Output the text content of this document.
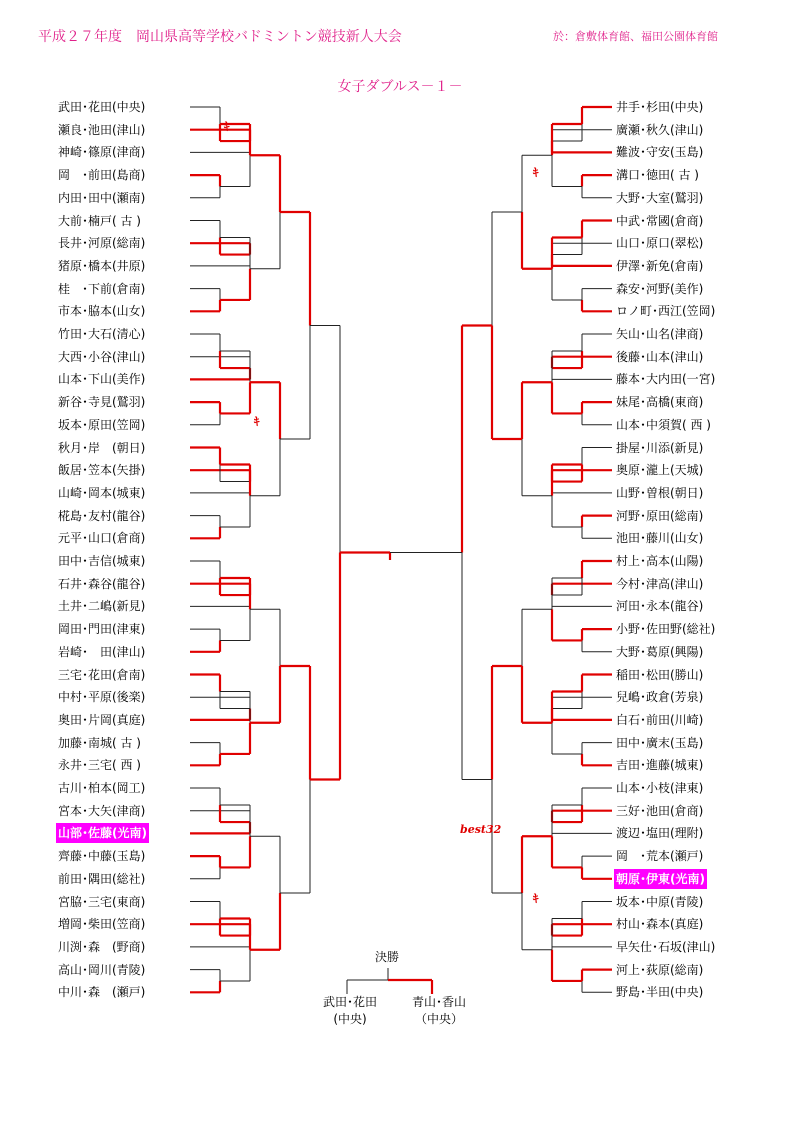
平成２７年度　岡山県高等学校バドミントン競技新人大会	於：倉敷体育館、福田公園体育館
女子ダブルス－１－
武田･花田(中央)
瀬良･池田(津山)
神崎･篠原(津商)
岡　･前田(島商)
内田･田中(瀬南)
大前･楠戸( 古 )
長井･河原(総南)
猪原･橋本(井原)
桂　･下前(倉南)
市本･脇本(山女)
竹田･大石(清心)
大西･小谷(津山)
山本･下山(美作)
新谷･寺見(鷲羽)
坂本･原田(笠岡)
秋月･岸　(朝日)
飯居･笠本(矢掛)
山崎･岡本(城東)
椛島･友村(龍谷)
元平･山口(倉商)
田中･吉信(城東)
石井･森谷(龍谷)
土井･二嶋(新見)
岡田･門田(津東)
岩崎･　田(津山)
三宅･花田(倉南)
中村･平原(後楽)
奥田･片岡(真庭)
加藤･南城( 古 )
永井･三宅( 西 )
古川･柏本(岡工)
宮本･大矢(津商)
山部･佐藤(光南)
齊藤･中藤(玉島)
前田･隅田(総社)
宮脇･三宅(東商)
増岡･柴田(笠商)
川渕･森　(野商)
高山･岡川(青陵)
中川･森　(瀬戸)
井手･杉田(中央)
廣瀬･秋久(津山)
難波･守安(玉島)
溝口･徳田( 古 )
大野･大室(鷲羽)
中武･常國(倉商)
山口･原口(翠松)
伊澤･新免(倉南)
森安･河野(美作)
ロノ町･西江(笠岡)
矢山･山名(津商)
後藤･山本(津山)
藤本･大内田(一宮)
妹尾･高橋(東商)
山本･中須賀( 西 )
掛屋･川添(新見)
奥原･瀧上(天城)
山野･曽根(朝日)
河野･原田(総南)
池田･藤川(山女)
村上･高本(山陽)
今村･津高(津山)
河田･永本(龍谷)
小野･佐田野(総社)
大野･葛原(興陽)
稲田･松田(勝山)
兒嶋･政倉(芳泉)
白石･前田(川崎)
田中･廣末(玉島)
吉田･進藤(城東)
山本･小枝(津東)
三好･池田(倉商)
渡辺･塩田(理附)
岡　･荒本(瀬戸)
朝原･伊東(光南)
坂本･中原(青陵)
村山･森本(真庭)
早矢仕･石坂(津山)
河上･荻原(総南)
野島･半田(中央)
ｷ
ｷ
ｷ
ｷ
best32
決勝
武田･花田
(中央)
青山･香山
（中央）
